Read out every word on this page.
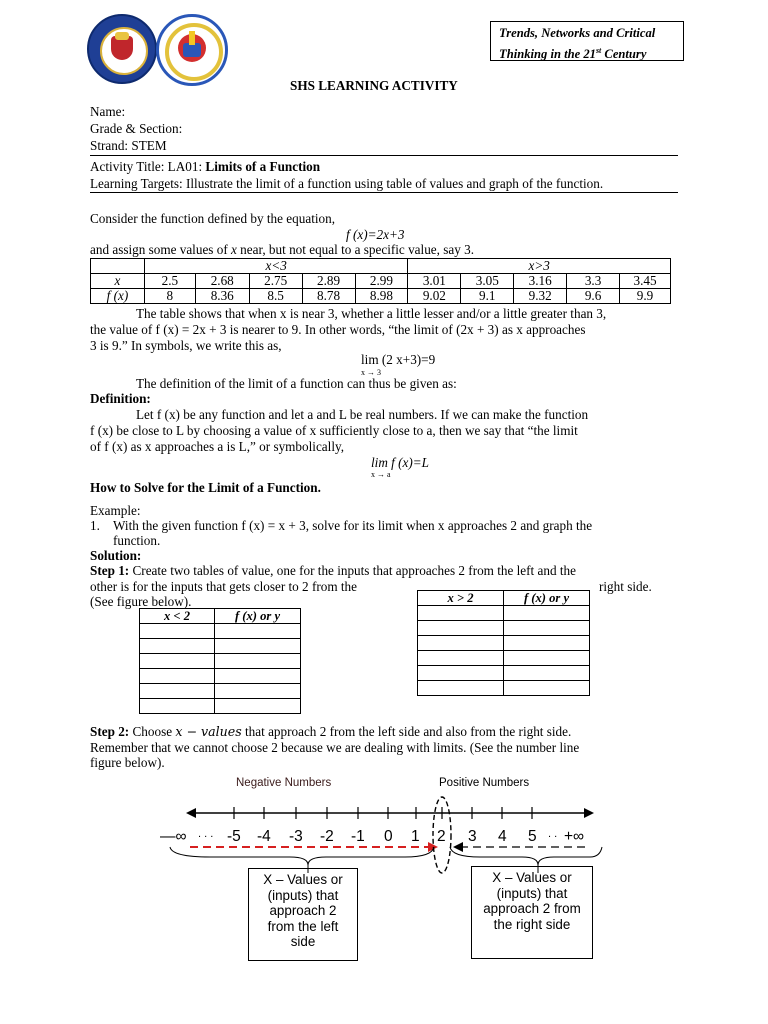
Trends, Networks and Critical
Thinking in the 21st Century
SHS LEARNING ACTIVITY
Name:
Grade & Section:
Strand: STEM
Activity Title: LA01: Limits of a Function
Learning Targets: Illustrate the limit of a function using table of values and graph of the function.
Consider the function defined by the equation,
f (x)=2x+3
and assign some values of x near, but not equal to a specific value, say 3.
	x<3					x>3				
x	2.5	2.68	2.75	2.89	2.99	3.01	3.05	3.16	3.3	3.45
f (x)	8	8.36	8.5	8.78	8.98	9.02	9.1	9.32	9.6	9.9
The table shows that when x is near 3, whether a little lesser and/or a little greater than 3,
the value of f (x) = 2x + 3 is nearer to 9. In other words, “the limit of (2x + 3) as x approaches
3 is 9.” In symbols, we write this as,
lim (2 x+3)=9
x → 3
The definition of the limit of a function can thus be given as:
Definition:
Let f (x) be any function and let a and L be real numbers. If we can make the function
f (x) be close to L by choosing a value of x sufficiently close to a, then we say that “the limit
of f (x) as x approaches a is L,” or symbolically,
lim f (x)=L
x → a
How to Solve for the Limit of a Function.
Example:
1. With the given function f (x) = x + 3, solve for its limit when x approaches 2 and graph the
function.
Solution:
Step 1: Create two tables of value, one for the inputs that approaches 2 from the left and the
other is for the inputs that gets closer to 2 from the	right side.
(See figure below).
x < 2	f (x) or y

x > 2	f (x) or y

Step 2: Choose x − values that approach 2 from the left side and also from the right side.
Remember that we cannot choose 2 because we are dealing with limits. (See the number line
figure below).
Negative Numbers	Positive Numbers
—∞ . . . -5 -4 -3 -2 -1 0 1 2 3 4 5 . . +∞
X – Values or (inputs) that approach 2 from the left side
X – Values or (inputs) that approach 2 from the right side
